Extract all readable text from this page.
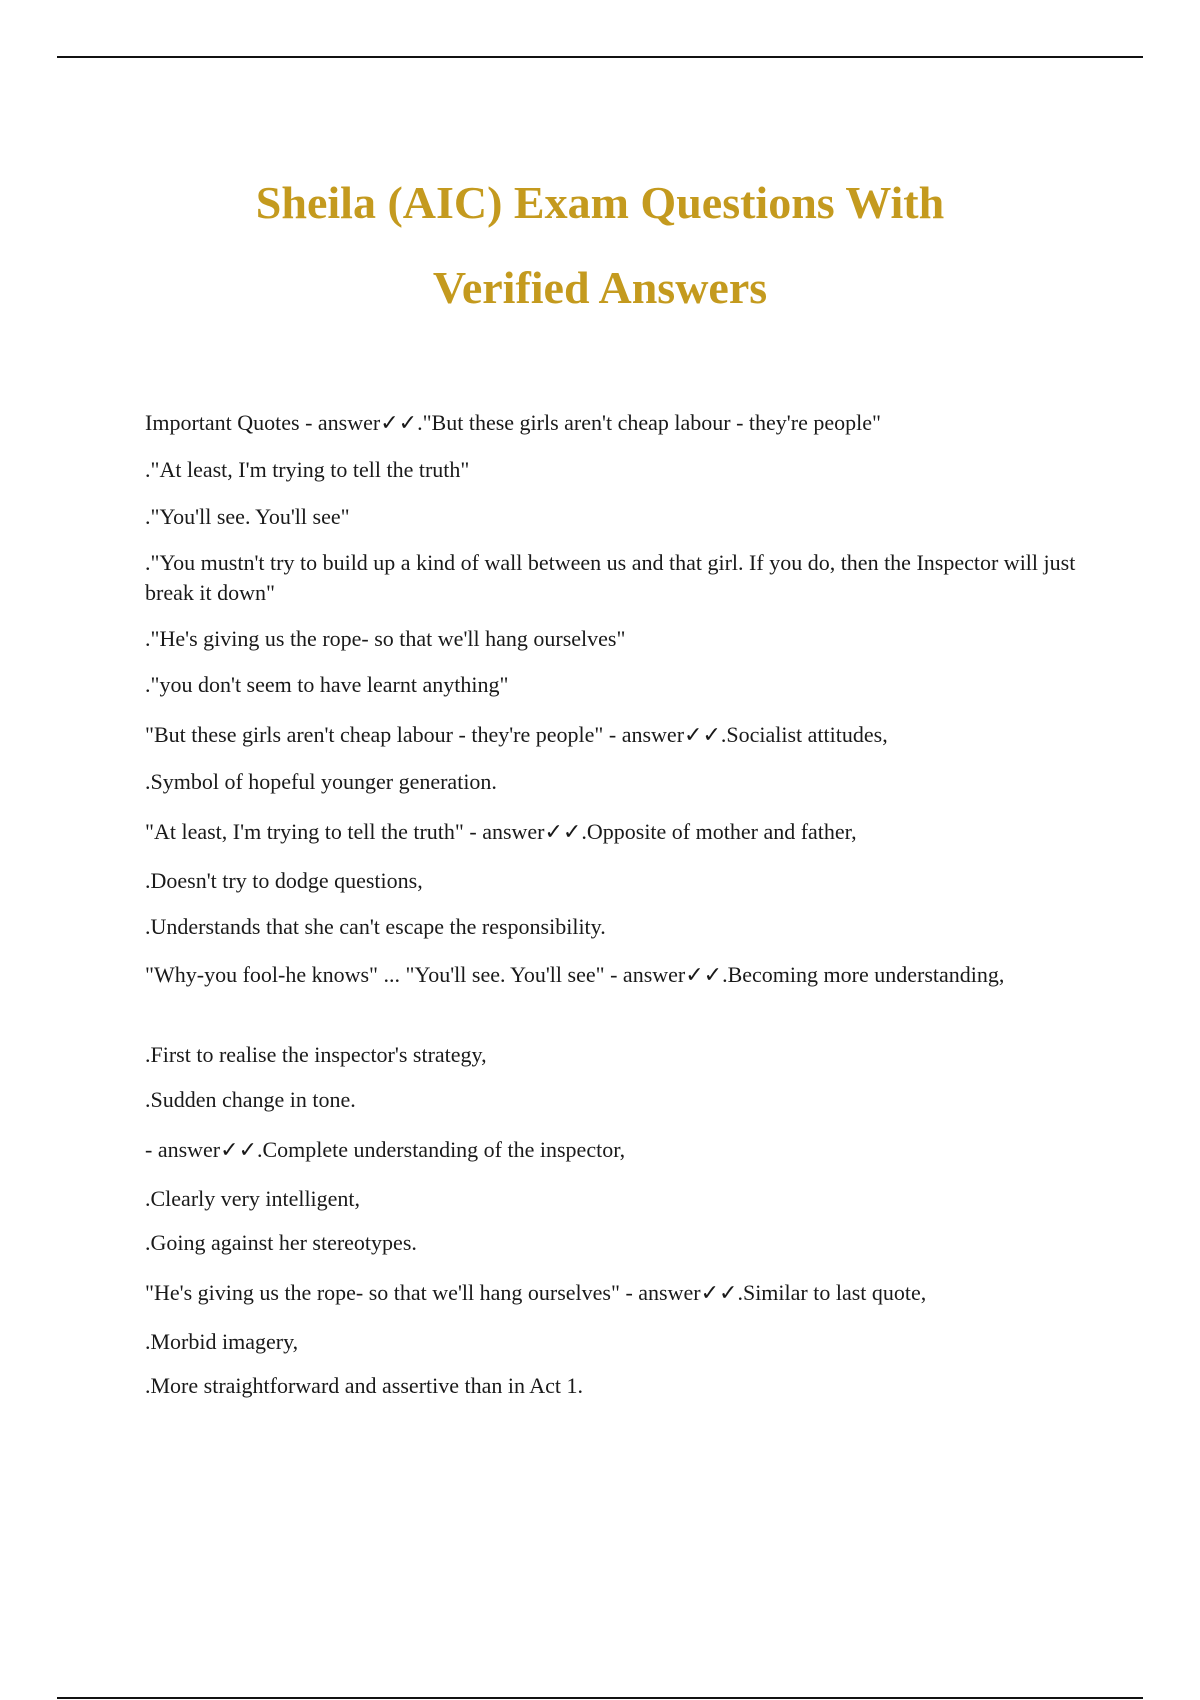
Sheila (AIC) Exam Questions With
Verified Answers
Important Quotes - answer✓✓."But these girls aren't cheap labour - they're people"
."At least, I'm trying to tell the truth"
."You'll see. You'll see"
."You mustn't try to build up a kind of wall between us and that girl. If you do, then the Inspector will just break it down"
."He's giving us the rope- so that we'll hang ourselves"
."you don't seem to have learnt anything"
"But these girls aren't cheap labour - they're people" - answer✓✓.Socialist attitudes,
.Symbol of hopeful younger generation.
"At least, I'm trying to tell the truth" - answer✓✓.Opposite of mother and father,
.Doesn't try to dodge questions,
.Understands that she can't escape the responsibility.
"Why-you fool-he knows" ... "You'll see. You'll see" - answer✓✓.Becoming more understanding,
.First to realise the inspector's strategy,
.Sudden change in tone.
- answer✓✓.Complete understanding of the inspector,
.Clearly very intelligent,
.Going against her stereotypes.
"He's giving us the rope- so that we'll hang ourselves" - answer✓✓.Similar to last quote,
.Morbid imagery,
.More straightforward and assertive than in Act 1.
